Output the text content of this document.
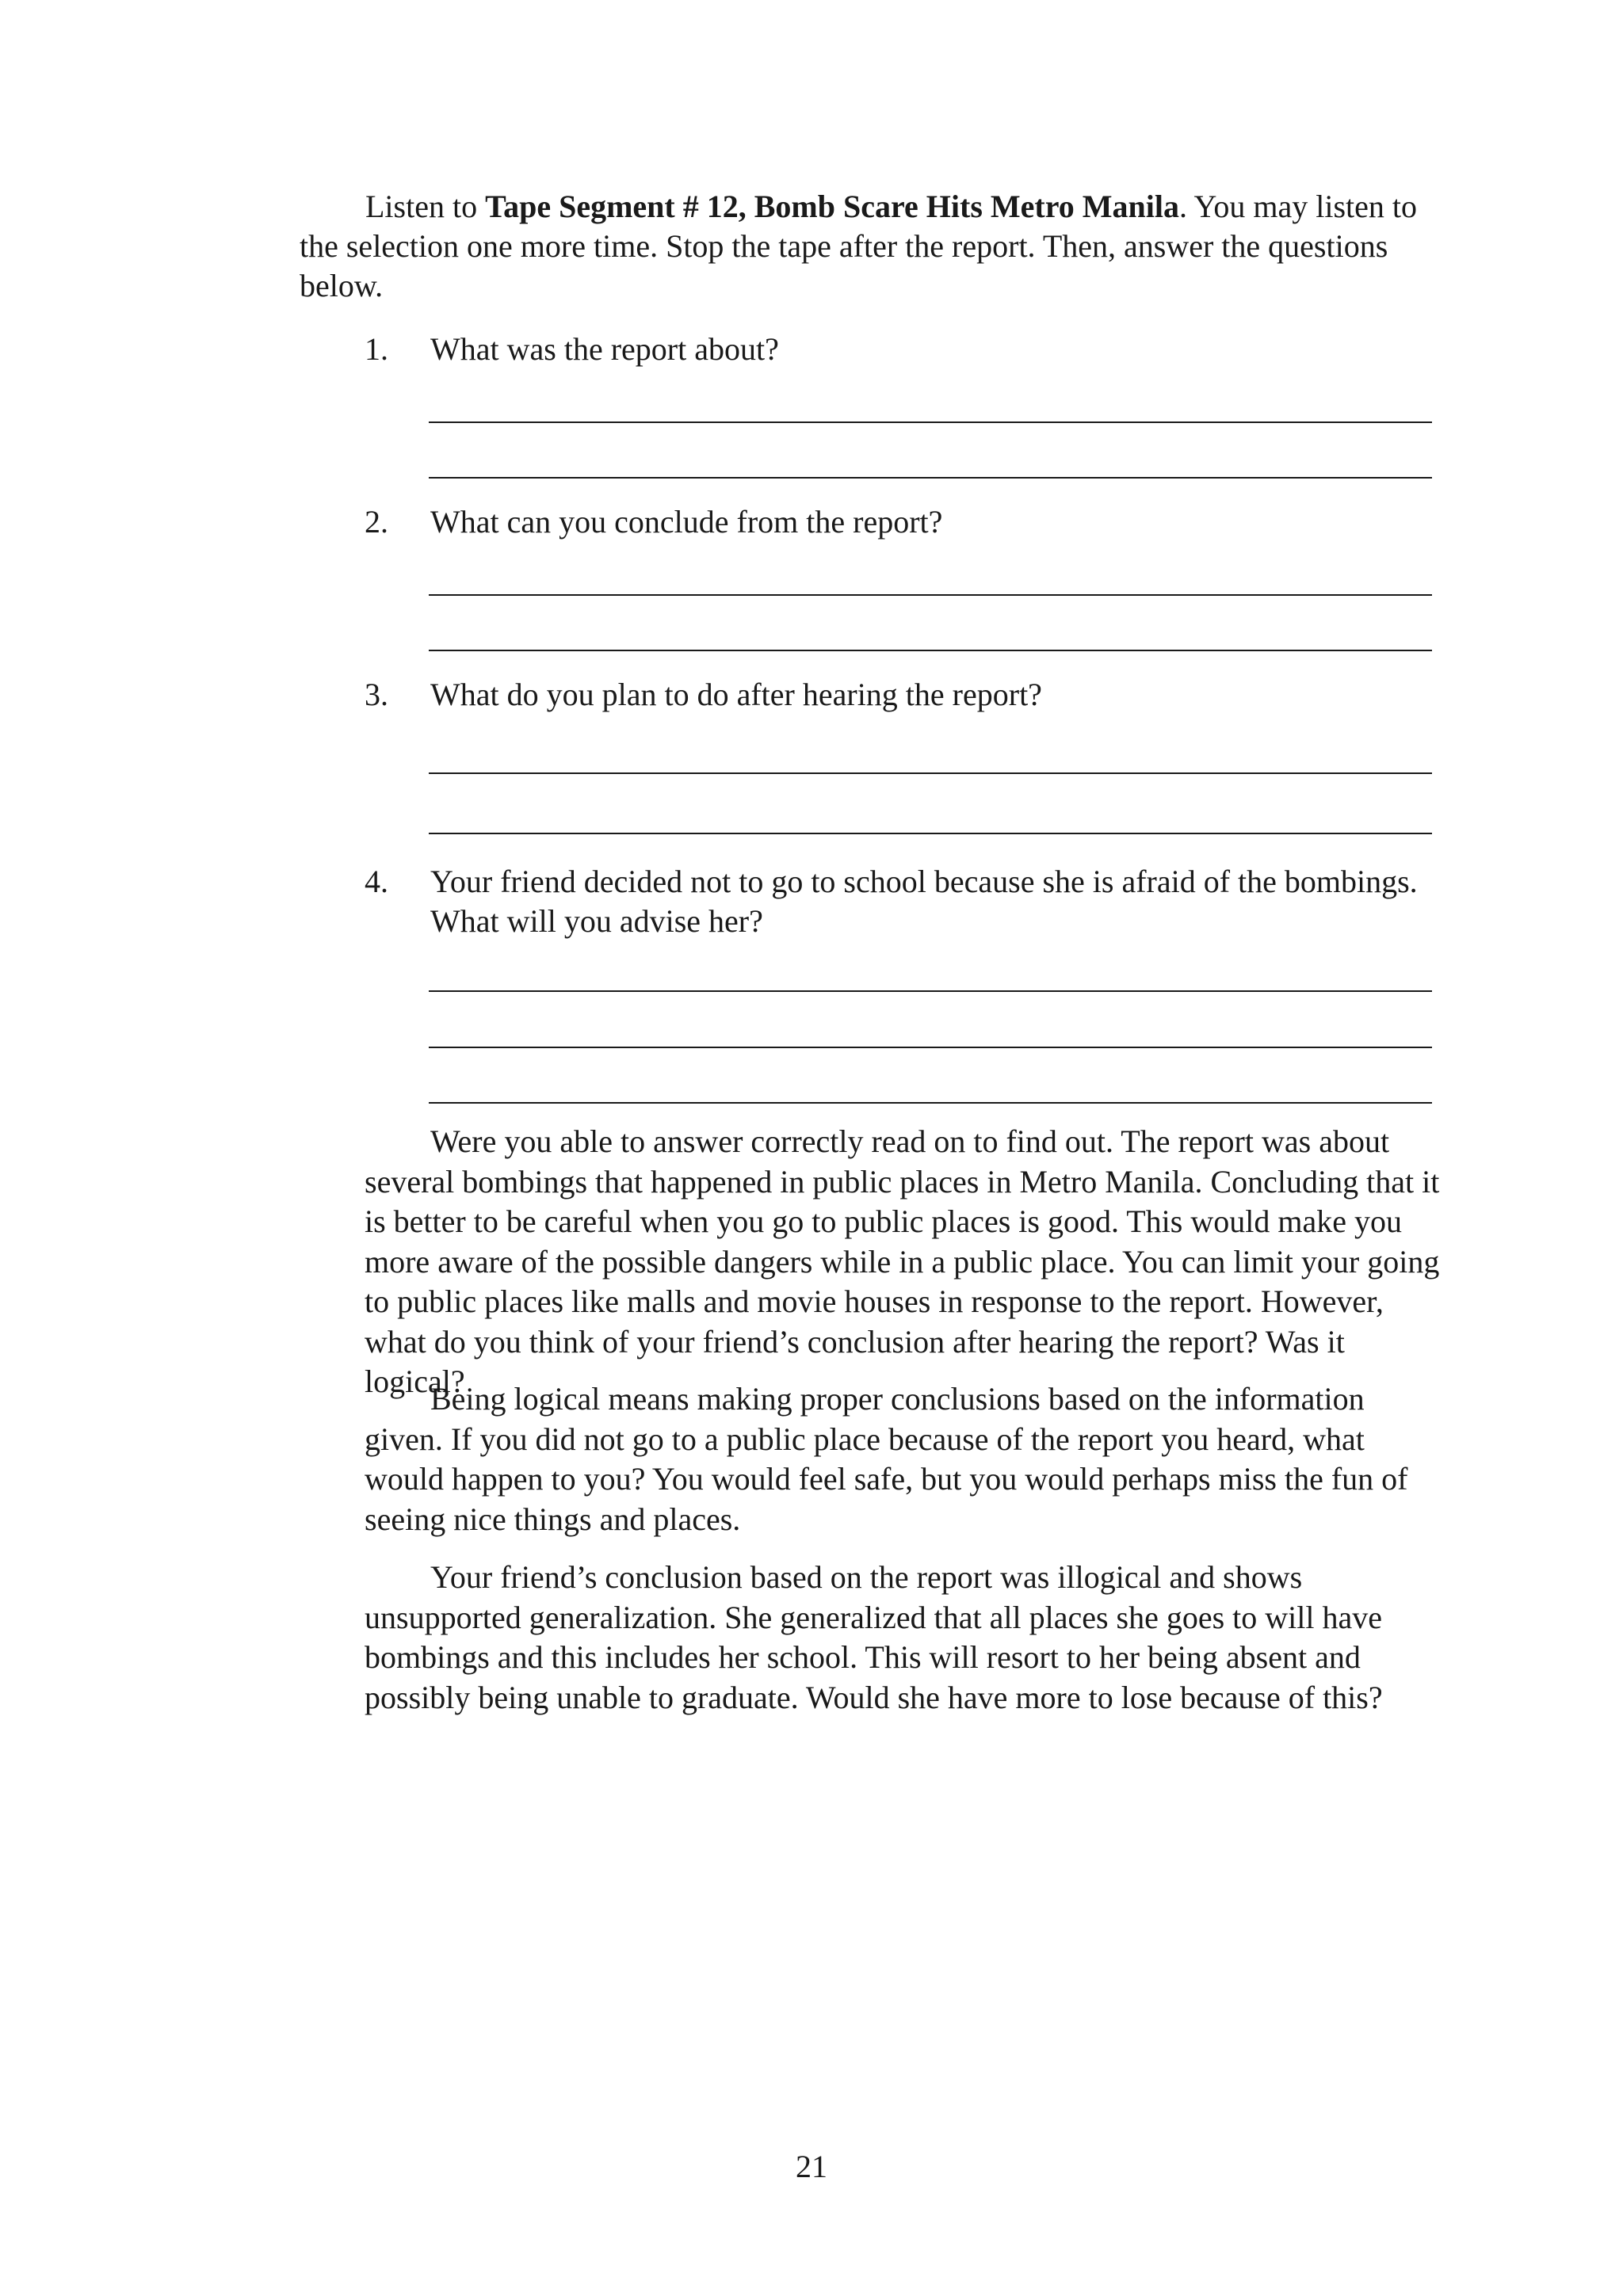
Listen to Tape Segment # 12, Bomb Scare Hits Metro Manila. You may listen to the selection one more time. Stop the tape after the report. Then, answer the questions below.

1.	What was the report about?
2.	What can you conclude from the report?
3.	What do you plan to do after hearing the report?
4.	Your friend decided not to go to school because she is afraid of the bombings. What will you advise her?

Were you able to answer correctly read on to find out. The report was about several bombings that happened in public places in Metro Manila. Concluding that it is better to be careful when you go to public places is good. This would make you more aware of the possible dangers while in a public place. You can limit your going to public places like malls and movie houses in response to the report. However, what do you think of your friend’s conclusion after hearing the report? Was it logical?

Being logical means making proper conclusions based on the information given. If you did not go to a public place because of the report you heard, what would happen to you? You would feel safe, but you would perhaps miss the fun of seeing nice things and places.

Your friend’s conclusion based on the report was illogical and shows unsupported generalization. She generalized that all places she goes to will have bombings and this includes her school. This will resort to her being absent and possibly being unable to graduate. Would she have more to lose because of this?

21
